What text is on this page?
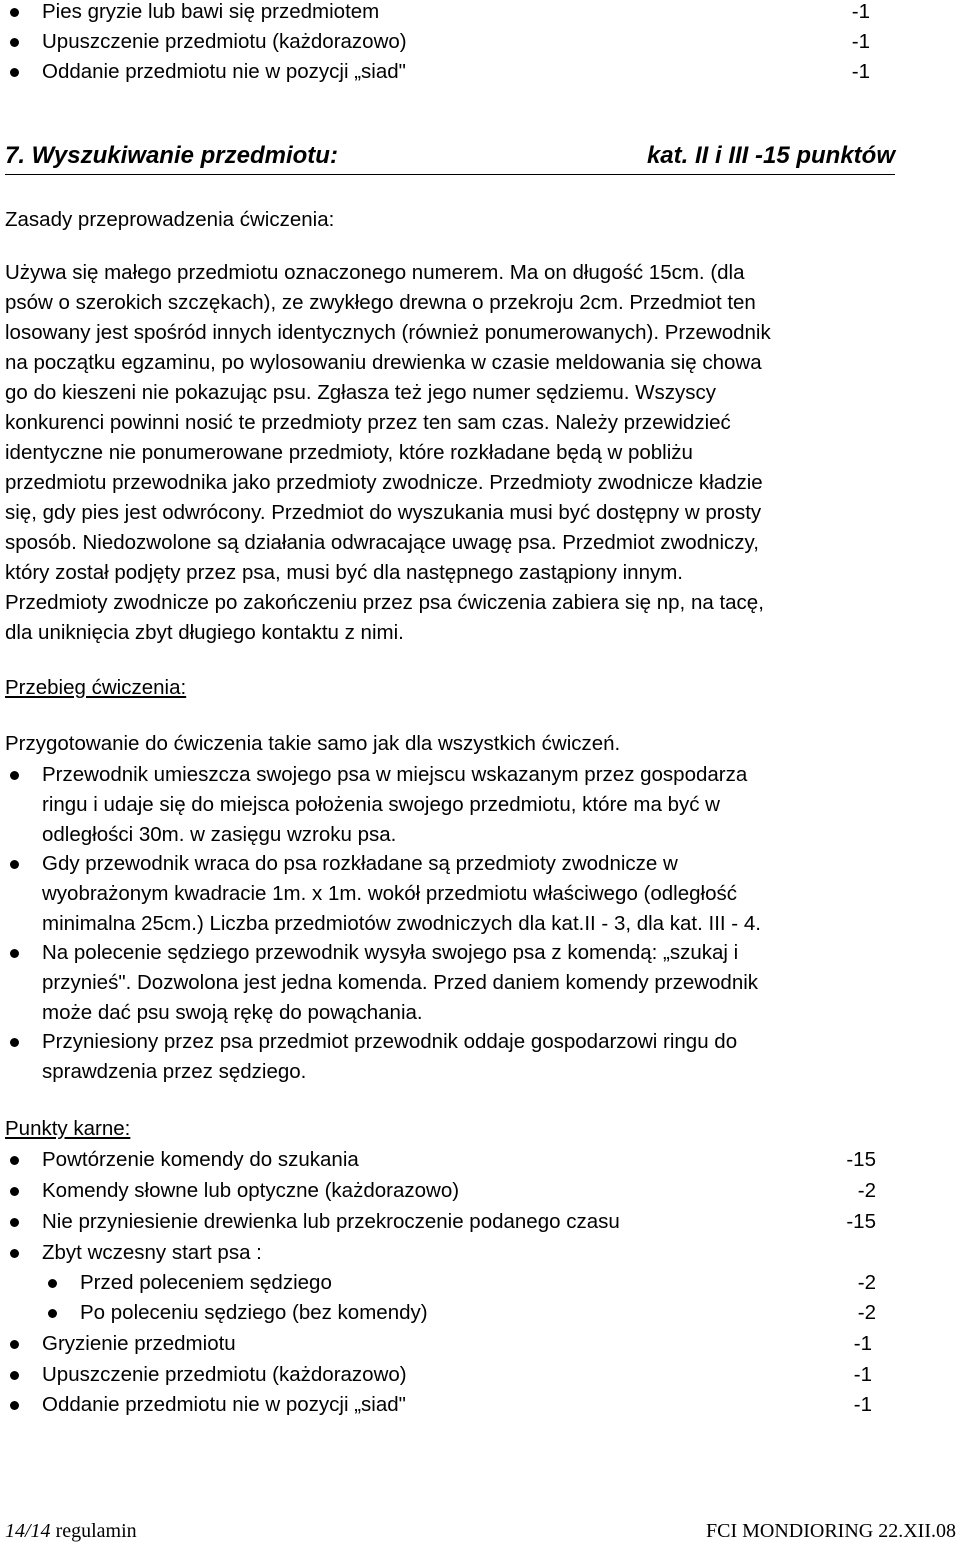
Pies gryzie lub bawi się przedmiotem	-1
Upuszczenie przedmiotu (każdorazowo)	-1
Oddanie przedmiotu nie w pozycji „siad"	-1
7. Wyszukiwanie przedmiotu:	kat. II i III -15 punktów
Zasady przeprowadzenia ćwiczenia:
Używa się małego przedmiotu oznaczonego numerem. Ma on długość 15cm. (dla
psów o szerokich szczękach), ze zwykłego drewna o przekroju 2cm. Przedmiot ten
losowany jest spośród innych identycznych (również ponumerowanych). Przewodnik
na początku egzaminu, po wylosowaniu drewienka w czasie meldowania się chowa
go do kieszeni nie pokazując psu. Zgłasza też jego numer sędziemu. Wszyscy
konkurenci powinni nosić te przedmioty przez ten sam czas. Należy przewidzieć
identyczne nie ponumerowane przedmioty, które rozkładane będą w pobliżu
przedmiotu przewodnika jako przedmioty zwodnicze. Przedmioty zwodnicze kładzie
się, gdy pies jest odwrócony. Przedmiot do wyszukania musi być dostępny w prosty
sposób. Niedozwolone są działania odwracające uwagę psa. Przedmiot zwodniczy,
który został podjęty przez psa, musi być dla następnego zastąpiony innym.
Przedmioty zwodnicze po zakończeniu przez psa ćwiczenia zabiera się np, na tacę,
dla uniknięcia zbyt długiego kontaktu z nimi.
Przebieg ćwiczenia:
Przygotowanie do ćwiczenia takie samo jak dla wszystkich ćwiczeń.
Przewodnik umieszcza swojego psa w miejscu wskazanym przez gospodarza
ringu i udaje się do miejsca położenia swojego przedmiotu, które ma być w
odległości 30m. w zasięgu wzroku psa.
Gdy przewodnik wraca do psa rozkładane są przedmioty zwodnicze w
wyobrażonym kwadracie 1m. x 1m. wokół przedmiotu właściwego (odległość
minimalna 25cm.) Liczba przedmiotów zwodniczych dla kat.II - 3, dla kat. III - 4.
Na polecenie sędziego przewodnik wysyła swojego psa z komendą: „szukaj i
przynieś". Dozwolona jest jedna komenda. Przed daniem komendy przewodnik
może dać psu swoją rękę do powąchania.
Przyniesiony przez psa przedmiot przewodnik oddaje gospodarzowi ringu do
sprawdzenia przez sędziego.
Punkty karne:
Powtórzenie komendy do szukania	-15
Komendy słowne lub optyczne (każdorazowo)	-2
Nie przyniesienie drewienka lub przekroczenie podanego czasu	-15
Zbyt wczesny start psa :
Przed poleceniem sędziego	-2
Po poleceniu sędziego (bez komendy)	-2
Gryzienie przedmiotu	-1
Upuszczenie przedmiotu (każdorazowo)	-1
Oddanie przedmiotu nie w pozycji „siad"	-1
14/14 regulamin	FCI MONDIORING 22.XII.08
